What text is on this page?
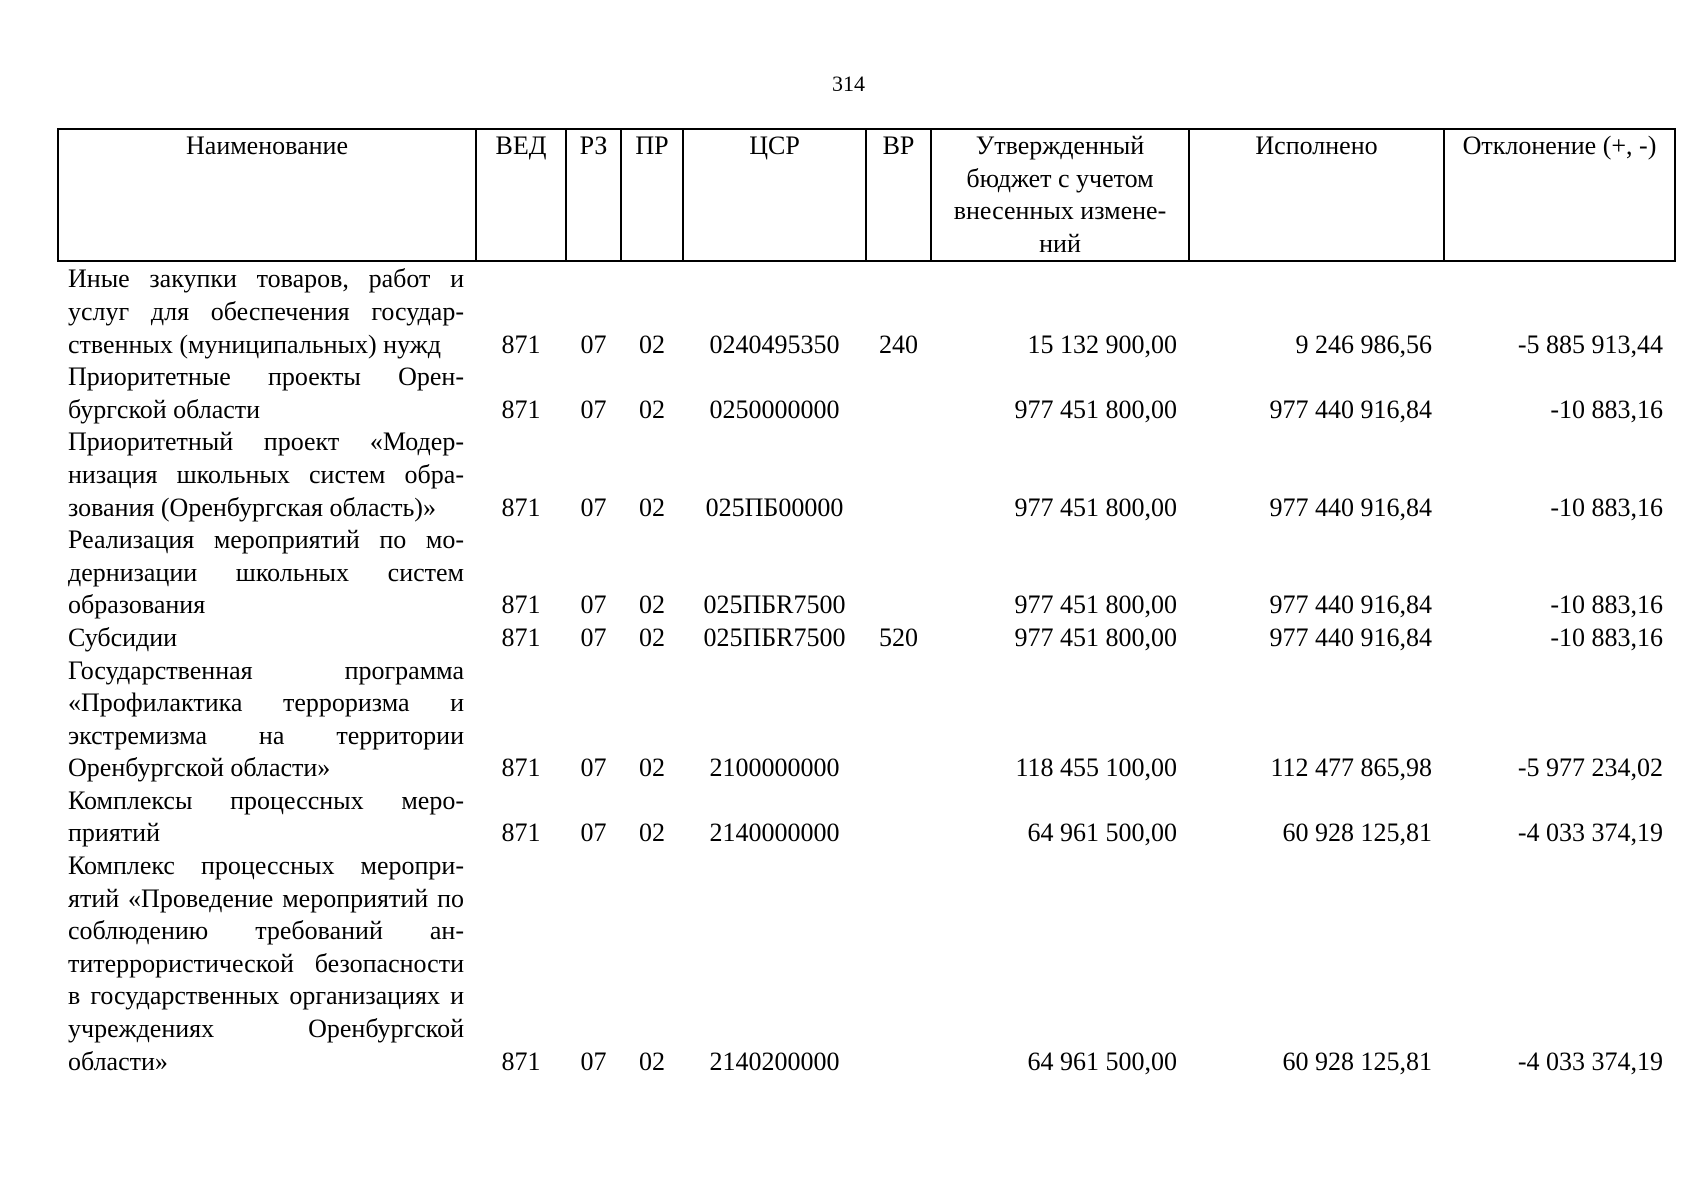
314
Наименование	ВЕД	РЗ	ПР	ЦСР	ВР	Утвержденный бюджет с учетом внесенных изменений	Исполнено	Отклонение (+, -)
Иные закупки товаров, работ и услуг для обеспечения государственных (муниципальных) нужд	871	07	02	0240495350	240	15 132 900,00	9 246 986,56	-5 885 913,44
Приоритетные проекты Оренбургской области	871	07	02	0250000000		977 451 800,00	977 440 916,84	-10 883,16
Приоритетный проект «Модернизация школьных систем образования (Оренбургская область)»	871	07	02	025ПБ00000		977 451 800,00	977 440 916,84	-10 883,16
Реализация мероприятий по модернизации школьных систем образования	871	07	02	025ПБR7500		977 451 800,00	977 440 916,84	-10 883,16
Субсидии	871	07	02	025ПБR7500	520	977 451 800,00	977 440 916,84	-10 883,16
Государственная программа «Профилактика терроризма и экстремизма на территории Оренбургской области»	871	07	02	2100000000		118 455 100,00	112 477 865,98	-5 977 234,02
Комплексы процессных мероприятий	871	07	02	2140000000		64 961 500,00	60 928 125,81	-4 033 374,19
Комплекс процессных мероприятий «Проведение мероприятий по соблюдению требований антитеррористической безопасности в государственных организациях и учреждениях Оренбургской области»	871	07	02	2140200000		64 961 500,00	60 928 125,81	-4 033 374,19
